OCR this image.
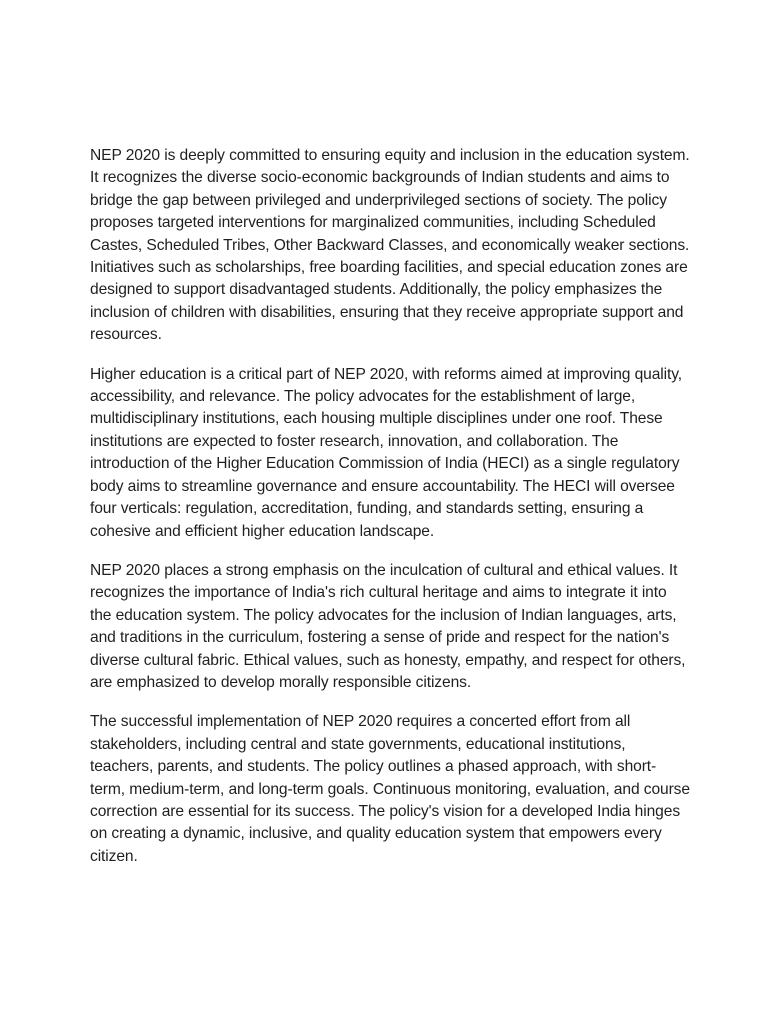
NEP 2020 is deeply committed to ensuring equity and inclusion in the education system. It recognizes the diverse socio-economic backgrounds of Indian students and aims to bridge the gap between privileged and underprivileged sections of society. The policy proposes targeted interventions for marginalized communities, including Scheduled Castes, Scheduled Tribes, Other Backward Classes, and economically weaker sections. Initiatives such as scholarships, free boarding facilities, and special education zones are designed to support disadvantaged students. Additionally, the policy emphasizes the inclusion of children with disabilities, ensuring that they receive appropriate support and resources.

Higher education is a critical part of NEP 2020, with reforms aimed at improving quality, accessibility, and relevance. The policy advocates for the establishment of large, multidisciplinary institutions, each housing multiple disciplines under one roof. These institutions are expected to foster research, innovation, and collaboration. The introduction of the Higher Education Commission of India (HECI) as a single regulatory body aims to streamline governance and ensure accountability. The HECI will oversee four verticals: regulation, accreditation, funding, and standards setting, ensuring a cohesive and efficient higher education landscape.

NEP 2020 places a strong emphasis on the inculcation of cultural and ethical values. It recognizes the importance of India's rich cultural heritage and aims to integrate it into the education system. The policy advocates for the inclusion of Indian languages, arts, and traditions in the curriculum, fostering a sense of pride and respect for the nation's diverse cultural fabric. Ethical values, such as honesty, empathy, and respect for others, are emphasized to develop morally responsible citizens.

The successful implementation of NEP 2020 requires a concerted effort from all stakeholders, including central and state governments, educational institutions, teachers, parents, and students. The policy outlines a phased approach, with short-term, medium-term, and long-term goals. Continuous monitoring, evaluation, and course correction are essential for its success. The policy's vision for a developed India hinges on creating a dynamic, inclusive, and quality education system that empowers every citizen.
